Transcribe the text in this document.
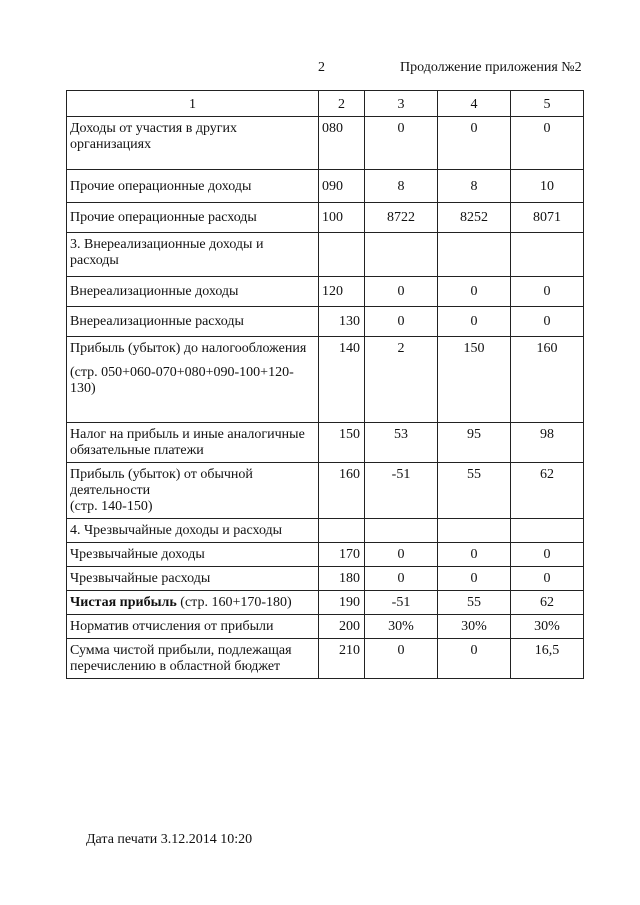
2	Продолжение приложения №2
1	2	3	4	5
Доходы от участия в других организациях	080	0	0	0
Прочие операционные доходы	090	8	8	10
Прочие операционные расходы	100	8722	8252	8071
3. Внереализационные доходы и расходы				
Внереализационные доходы	120	0	0	0
Внереализационные расходы	130	0	0	0
Прибыль (убыток) до налогообложения
(стр. 050+060-070+080+090-100+120-130)	140	2	150	160
Налог на прибыль и иные аналогичные обязательные платежи	150	53	95	98
Прибыль (убыток) от обычной деятельности
(стр. 140-150)	160	-51	55	62
4. Чрезвычайные доходы и расходы				
Чрезвычайные доходы	170	0	0	0
Чрезвычайные расходы	180	0	0	0
Чистая прибыль (стр. 160+170-180)	190	-51	55	62
Норматив отчисления от прибыли	200	30%	30%	30%
Сумма чистой прибыли, подлежащая перечислению в областной бюджет	210	0	0	16,5
Дата печати 3.12.2014 10:20
